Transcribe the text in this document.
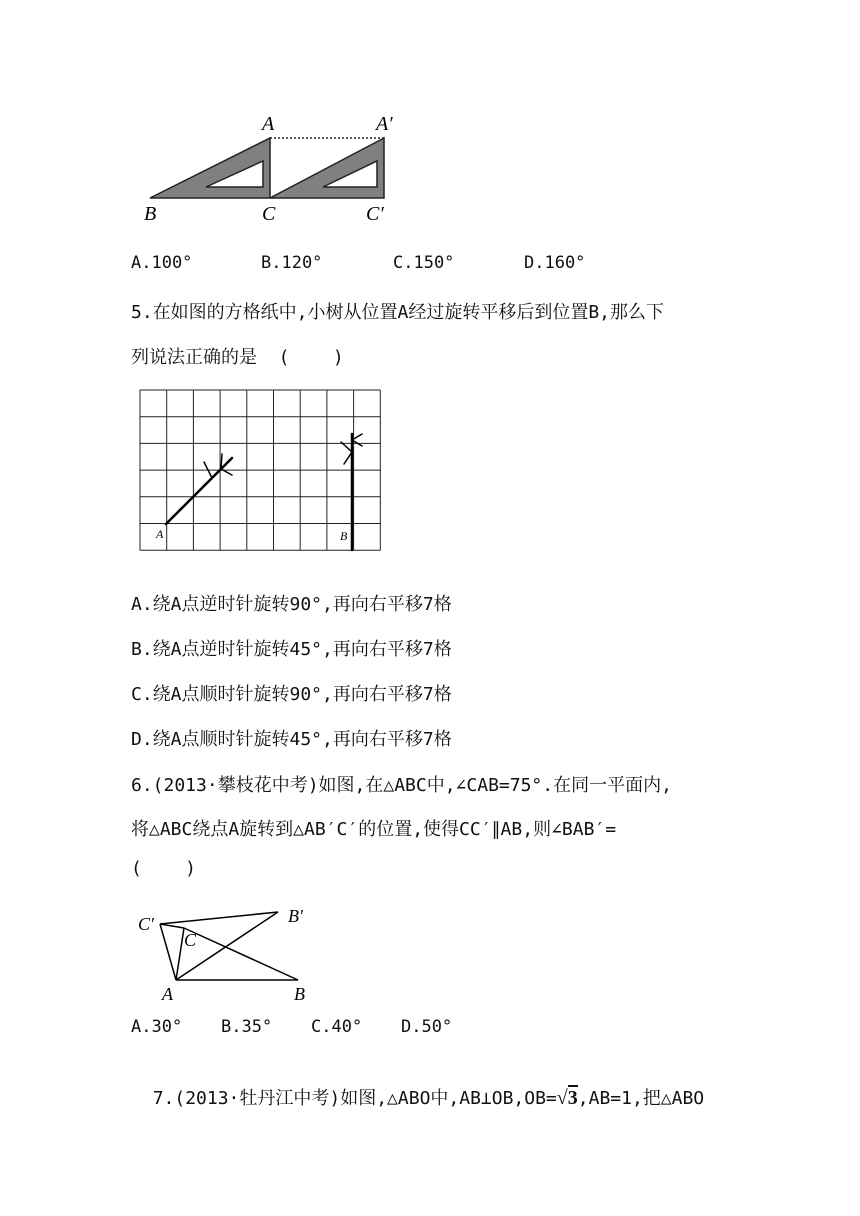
A	A′
B	C	C′
A.100°	B.120°	C.150°	D.160°
5.在如图的方格纸中,小树从位置A经过旋转平移后到位置B,那么下
列说法正确的是  (    )
A	B
A.绕A点逆时针旋转90°,再向右平移7格
B.绕A点逆时针旋转45°,再向右平移7格
C.绕A点顺时针旋转90°,再向右平移7格
D.绕A点顺时针旋转45°,再向右平移7格
6.(2013·攀枝花中考)如图,在△ABC中,∠CAB=75°.在同一平面内,
将△ABC绕点A旋转到△AB′C′的位置,使得CC′∥AB,则∠BAB′=
(    )
C′
C
B′
A	B
A.30° B.35° C.40° D.50°

7.(2013·牡丹江中考)如图,△ABO中,AB⊥OB,OB=√3,AB=1,把△ABO
